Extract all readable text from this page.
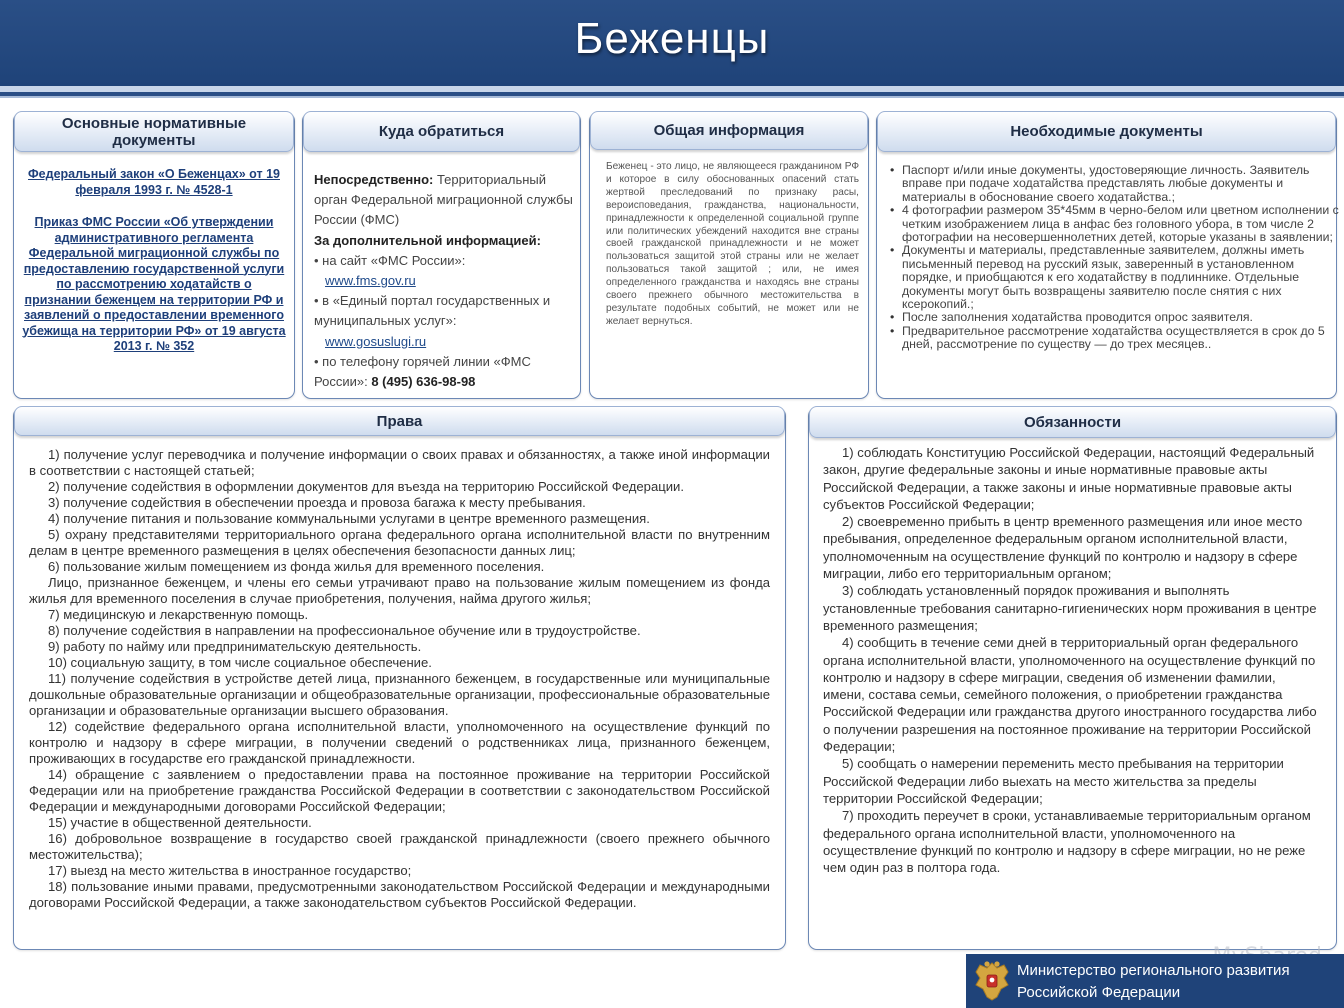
Беженцы
Основные нормативные документы
Федеральный закон «О Беженцах» от 19 февраля 1993 г. № 4528-1
Приказ ФМС России «Об утверждении административного регламента Федеральной миграционной службы по предоставлению государственной услуги по рассмотрению ходатайств о признании беженцем на территории РФ и заявлений о предоставлении временного убежища на территории РФ» от 19 августа 2013 г. № 352
Куда обратиться
Непосредственно: Территориальный орган Федеральной миграционной службы России (ФМС)
За дополнительной информацией:
• на сайт «ФМС России»:
www.fms.gov.ru
• в «Единый портал государственных и муниципальных услуг»:
www.gosuslugi.ru
• по телефону горячей линии «ФМС России»: 8 (495) 636-98-98
Общая информация
Беженец - это лицо, не являющееся гражданином РФ и которое в силу обоснованных опасений стать жертвой преследований по признаку расы, вероисповедания, гражданства, национальности, принадлежности к определенной социальной группе или политических убеждений находится вне страны своей гражданской принадлежности и не может пользоваться защитой этой страны или не желает пользоваться такой защитой ; или, не имея определенного гражданства и находясь вне страны своего прежнего обычного местожительства в результате подобных событий, не может или не желает вернуться.
Необходимые документы
• Паспорт и/или иные документы, удостоверяющие личность. Заявитель вправе при подаче ходатайства представлять любые документы и материалы в обоснование своего ходатайства.;
• 4 фотографии размером 35*45мм в черно-белом или цветном исполнении с четким изображением лица в анфас без головного убора, в том числе 2 фотографии на несовершеннолетних детей, которые указаны в заявлении;
• Документы и материалы, представленные заявителем, должны иметь письменный перевод на русский язык, заверенный в установленном порядке, и приобщаются к его ходатайству в подлиннике. Отдельные документы могут быть возвращены заявителю после снятия с них ксерокопий.;
• После заполнения ходатайства проводится опрос заявителя.
• Предварительное рассмотрение ходатайства осуществляется в срок до 5 дней, рассмотрение по существу — до трех месяцев..
Права

1) получение услуг переводчика и получение информации о своих правах и обязанностях, а также иной информации в соответствии с настоящей статьей;

2) получение содействия в оформлении документов для въезда на территорию Российской Федерации.

3) получение содействия в обеспечении проезда и провоза багажа к месту пребывания.

4) получение питания и пользование коммунальными услугами в центре временного размещения.

5) охрану представителями территориального органа федерального органа исполнительной власти по внутренним делам в центре временного размещения в целях обеспечения безопасности данных лиц;

6) пользование жилым помещением из фонда жилья для временного поселения.

Лицо, признанное беженцем, и члены его семьи утрачивают право на пользование жилым помещением из фонда жилья для временного поселения в случае приобретения, получения, найма другого жилья;

7) медицинскую и лекарственную помощь.

8) получение содействия в направлении на профессиональное обучение или в трудоустройстве.

9) работу по найму или предпринимательскую деятельность.

10) социальную защиту, в том числе социальное обеспечение.

11) получение содействия в устройстве детей лица, признанного беженцем, в государственные или муниципальные дошкольные образовательные организации и общеобразовательные организации, профессиональные образовательные организации и образовательные организации высшего образования.

12) содействие федерального органа исполнительной власти, уполномоченного на осуществление функций по контролю и надзору в сфере миграции, в получении сведений о родственниках лица, признанного беженцем, проживающих в государстве его гражданской принадлежности.

14) обращение с заявлением о предоставлении права на постоянное проживание на территории Российской Федерации или на приобретение гражданства Российской Федерации в соответствии с законодательством Российской Федерации и международными договорами Российской Федерации;

15) участие в общественной деятельности.

16) добровольное возвращение в государство своей гражданской принадлежности (своего прежнего обычного местожительства);

17) выезд на место жительства в иностранное государство;

18) пользование иными правами, предусмотренными законодательством Российской Федерации и международными договорами Российской Федерации, а также законодательством субъектов Российской Федерации.

Обязанности

1) соблюдать Конституцию Российской Федерации, настоящий Федеральный закон, другие федеральные законы и иные нормативные правовые акты Российской Федерации, а также законы и иные нормативные правовые акты субъектов Российской Федерации;

2) своевременно прибыть в центр временного размещения или иное место пребывания, определенное федеральным органом исполнительной власти, уполномоченным на осуществление функций по контролю и надзору в сфере миграции, либо его территориальным органом;

3) соблюдать установленный порядок проживания и выполнять установленные требования санитарно-гигиенических норм проживания в центре временного размещения;

4) сообщить в течение семи дней в территориальный орган федерального органа исполнительной власти, уполномоченного на осуществление функций по контролю и надзору в сфере миграции, сведения об изменении фамилии, имени, состава семьи, семейного положения, о приобретении гражданства Российской Федерации или гражданства другого иностранного государства либо о получении разрешения на постоянное проживание на территории Российской Федерации;

5) сообщать о намерении переменить место пребывания на территории Российской Федерации либо выехать на место жительства за пределы территории Российской Федерации;

7) проходить переучет в сроки, устанавливаемые территориальным органом федерального органа исполнительной власти, уполномоченного на осуществление функций по контролю и надзору в сфере миграции, но не реже чем один раз в полтора года.

Министерство регионального развития
Российской Федерации
